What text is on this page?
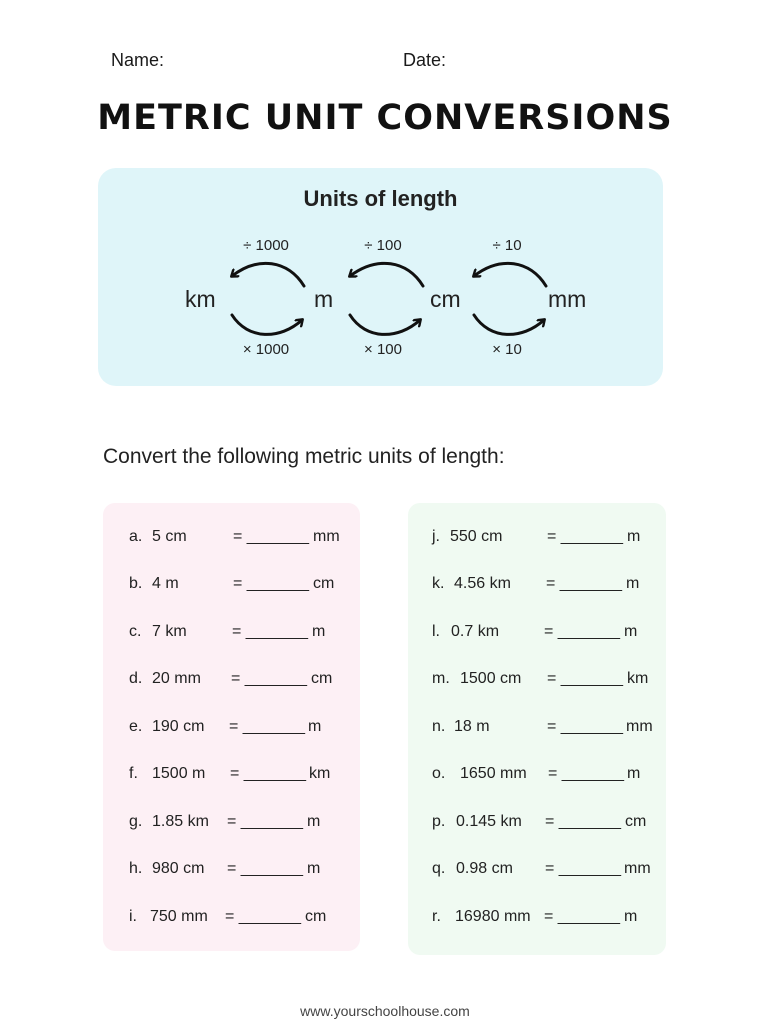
Name:	Date:
METRIC UNIT CONVERSIONS
Units of length
÷ 1000	÷ 100	÷ 10
km	m	cm	mm
× 1000	× 100	× 10
Convert the following metric units of length:
a. 5 cm	= _______ mm
b. 4 m	= _______ cm
c. 7 km	= _______ m
d. 20 mm = _______ cm
e. 190 cm = _______ m
f. 1500 m = _______ km
g. 1.85 km = _______ m
h. 980 cm = _______ m
i. 750 mm = _______ cm
j. 550 cm	= _______ m
k. 4.56 km = _______ m
l. 0.7 km	= _______ m
m. 1500 cm = _______ km
n. 18 m	= _______ mm
o. 1650 mm = _______ m
p. 0.145 km = _______ cm
q. 0.98 cm = _______ mm
r. 16980 mm = _______ m
www.yourschoolhouse.com
